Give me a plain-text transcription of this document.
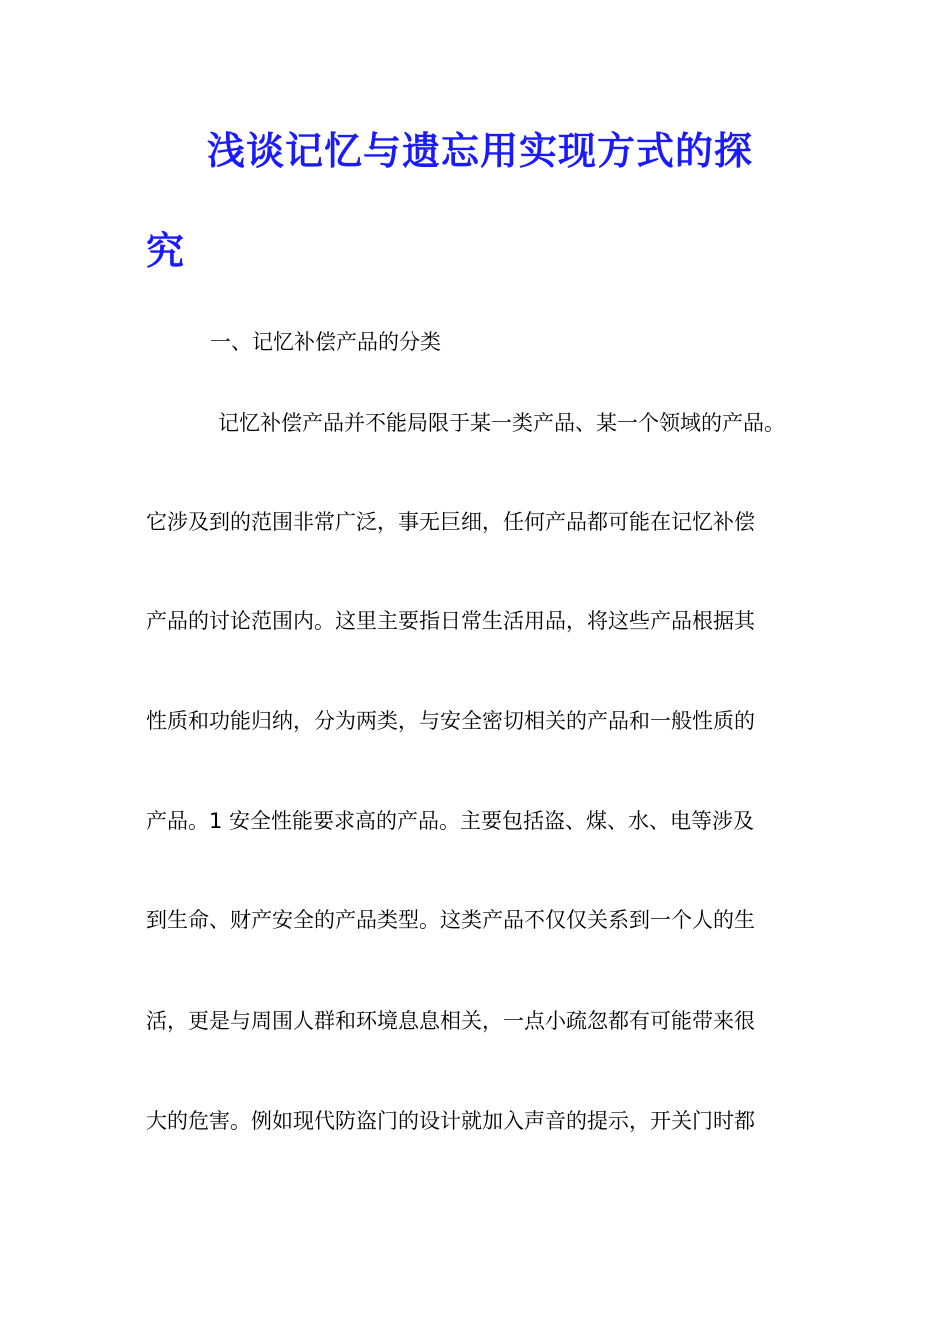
浅谈记忆与遗忘用实现方式的探
究
一、记忆补偿产品的分类

记忆补偿产品并不能局限于某一类产品、某一个领域的产品。

它涉及到的范围非常广泛，事无巨细，任何产品都可能在记忆补偿

产品的讨论范围内。这里主要指日常生活用品，将这些产品根据其

性质和功能归纳，分为两类，与安全密切相关的产品和一般性质的

产品。1 安全性能要求高的产品。主要包括盗、煤、水、电等涉及

到生命、财产安全的产品类型。这类产品不仅仅关系到一个人的生

活，更是与周围人群和环境息息相关，一点小疏忽都有可能带来很

大的危害。例如现代防盗门的设计就加入声音的提示，开关门时都
